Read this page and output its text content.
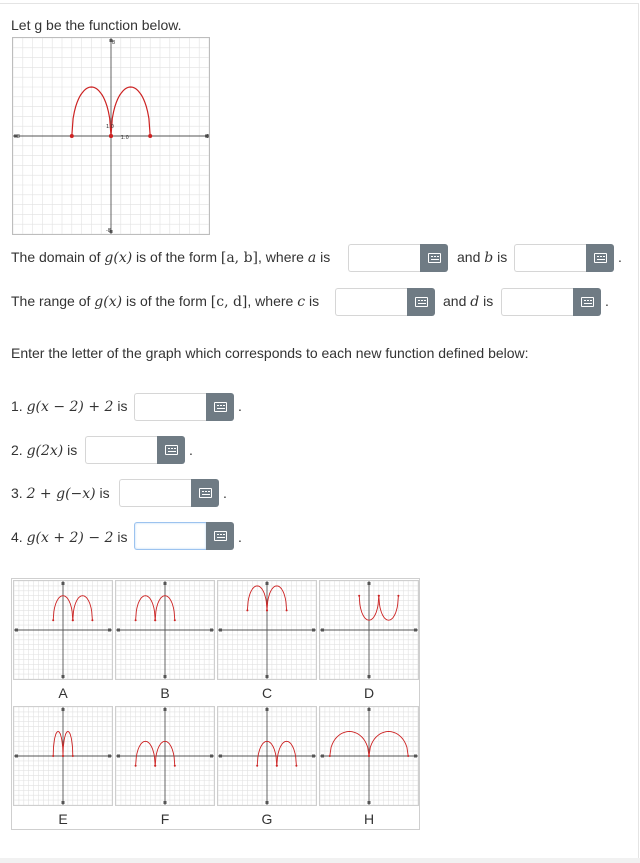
Let g be the function below.
-8	8
8
-8
1.0
1.0
The domain of g(x) is of the form [a, b], where a is	and b is	.
The range of g(x) is of the form [c, d], where c is	and d is	.
Enter the letter of the graph which corresponds to each new function defined below:
1. g(x − 2) + 2 is	.
2. g(2x) is	.
3. 2 + g(−x) is	.
4. g(x + 2) − 2 is	.
A	B	C	D
E	F	G	H
